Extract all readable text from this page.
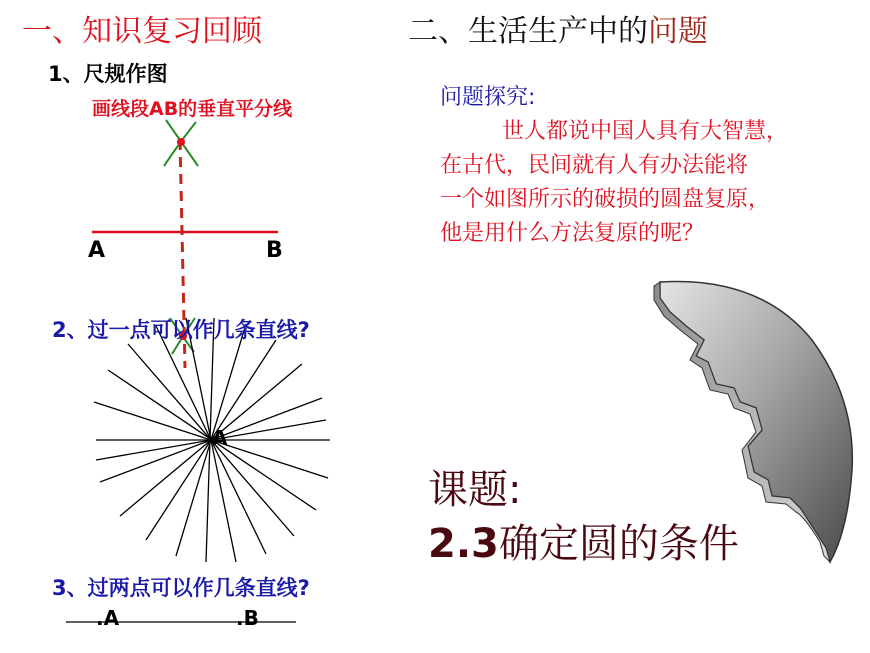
一、知识复习回顾	二、生活生产中的问题
1、尺规作图
画线段AB的垂直平分线
A	B
2、过一点可以作几条直线?
A
3、过两点可以作几条直线?
.A	.B
问题探究:
世人都说中国人具有大智慧，
在古代，民间就有人有办法能将
一个如图所示的破损的圆盘复原，
他是用什么方法复原的呢？
课题:
2.3确定圆的条件
